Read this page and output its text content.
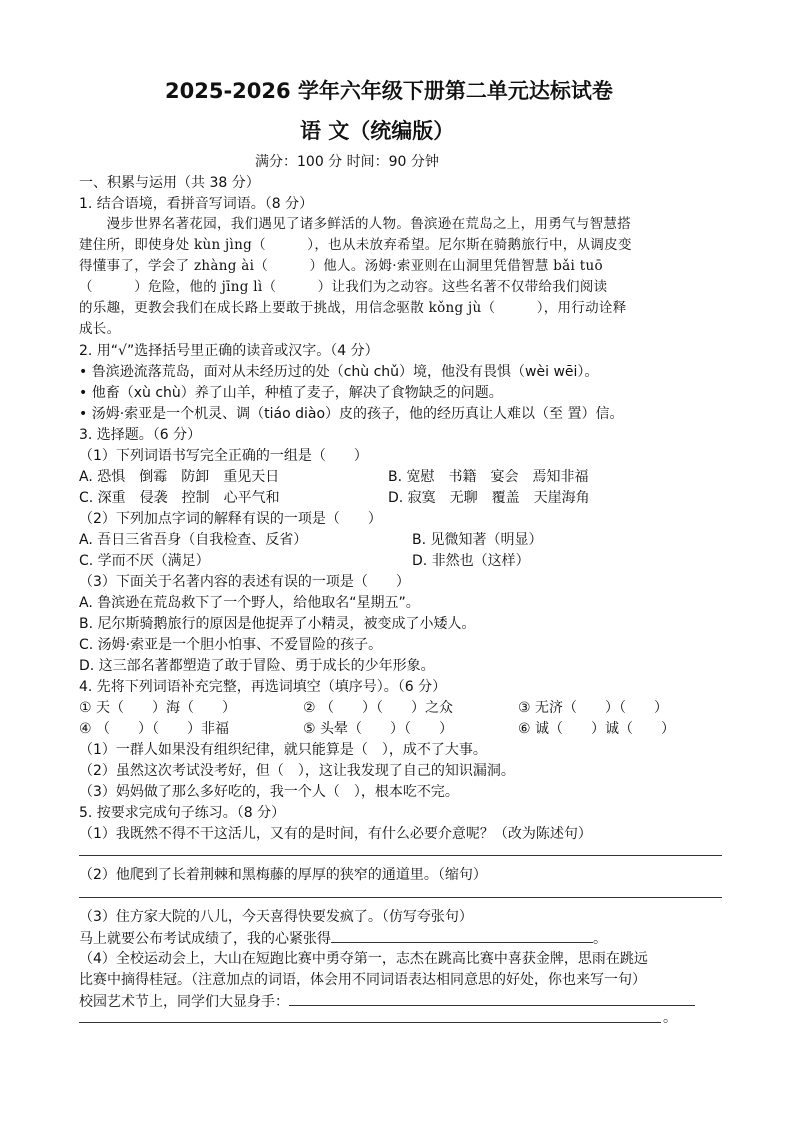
2025-2026 学年六年级下册第二单元达标试卷
语 文（统编版）
满分：100 分 时间：90 分钟
一、积累与运用（共 38 分）
1. 结合语境，看拼音写词语。（8 分）
　　漫步世界名著花园，我们遇见了诸多鲜活的人物。鲁滨逊在荒岛之上，用勇气与智慧搭
建住所，即使身处 kùn jìng（　　　），也从未放弃希望。尼尔斯在骑鹅旅行中，从调皮变
得懂事了，学会了 zhàng ài（　　　）他人。汤姆·索亚则在山洞里凭借智慧 bǎi tuō
（　　　）危险，他的 jīng lì（　　　）让我们为之动容。这些名著不仅带给我们阅读
的乐趣，更教会我们在成长路上要敢于挑战，用信念驱散 kǒng jù（　　　），用行动诠释
成长。
2. 用“√”选择括号里正确的读音或汉字。（4 分）
• 鲁滨逊流落荒岛，面对从未经历过的处（chù chǔ）境，他没有畏惧（wèi wēi）。
• 他畜（xù chù）养了山羊，种植了麦子，解决了食物缺乏的问题。
• 汤姆·索亚是一个机灵、调（tiáo diào）皮的孩子，他的经历真让人难以（至 置）信。
3. 选择题。（6 分）
（1）下列词语书写完全正确的一组是（　　）
A. 恐惧　倒霉　防卸　重见天日	B. 宽慰　书籍　宴会　焉知非福
C. 深重　侵袭　控制　心平气和	D. 寂寞　无聊　覆盖　天崖海角
（2）下列加点字词的解释有误的一项是（　　）
A. 吾日三省吾身（自我检查、反省）	B. 见微知著（明显）
C. 学而不厌（满足）	D. 非然也（这样）
（3）下面关于名著内容的表述有误的一项是（　　）
A. 鲁滨逊在荒岛救下了一个野人，给他取名“星期五”。
B. 尼尔斯骑鹅旅行的原因是他捉弄了小精灵，被变成了小矮人。
C. 汤姆·索亚是一个胆小怕事、不爱冒险的孩子。
D. 这三部名著都塑造了敢于冒险、勇于成长的少年形象。
4. 先将下列词语补充完整，再选词填空（填序号）。（6 分）
① 天（　　）海（　　）	② （　　）（　　）之众	③ 无济（　　）（　　）
④ （　　）（　　）非福	⑤ 头晕（　　）（　　）	⑥ 诚（　　）诚（　　）
（1）一群人如果没有组织纪律，就只能算是（　），成不了大事。
（2）虽然这次考试没考好，但（　），这让我发现了自己的知识漏洞。
（3）妈妈做了那么多好吃的，我一个人（　），根本吃不完。
5. 按要求完成句子练习。（8 分）
（1）我既然不得不干这活儿，又有的是时间，有什么必要介意呢？（改为陈述句）
（2）他爬到了长着荆棘和黑梅藤的厚厚的狭窄的通道里。（缩句）
（3）住方家大院的八儿，今天喜得快要发疯了。（仿写夸张句）
马上就要公布考试成绩了，我的心紧张得	。
（4）全校运动会上，大山在短跑比赛中勇夺第一，志杰在跳高比赛中喜获金牌，思雨在跳远
比赛中摘得桂冠。（注意加点的词语，体会用不同词语表达相同意思的好处，你也来写一句）
校园艺术节上，同学们大显身手：
。
